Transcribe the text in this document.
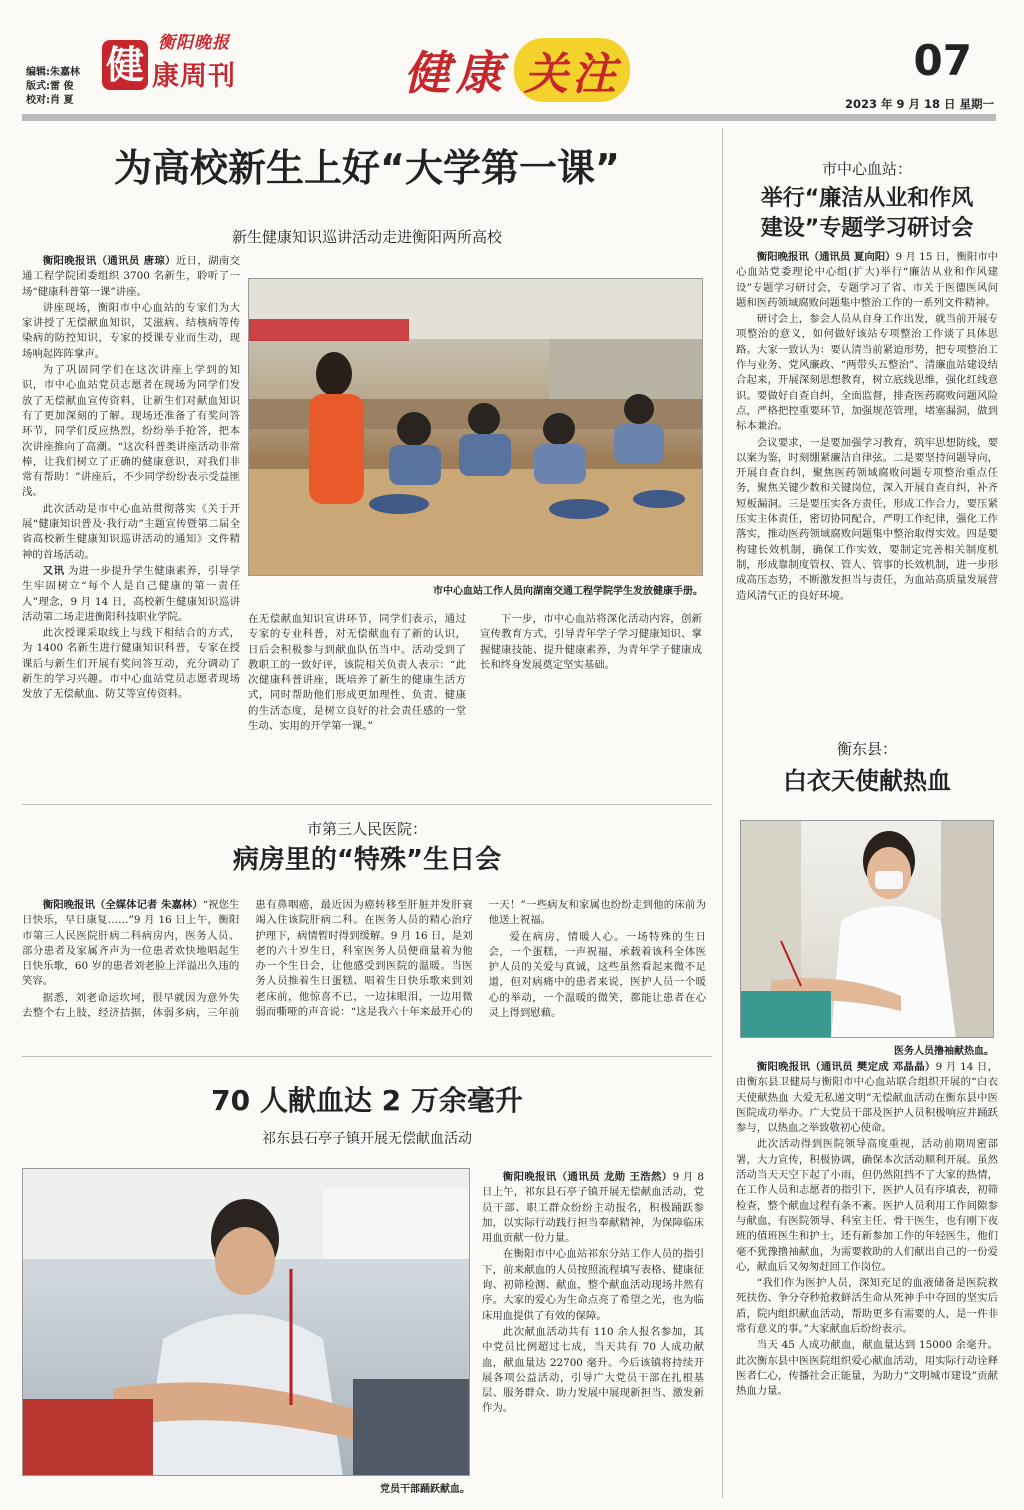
编辑:朱嘉林
版式:雷 俊
校对:肖 夏
衡阳晚报
健 康周刊	健康 关注	07
2023 年 9 月 18 日 星期一
为高校新生上好“大学第一课”
新生健康知识巡讲活动走进衡阳两所高校

衡阳晚报讯（通讯员 唐琼）近日，湖南交通工程学院团委组织 3700 名新生，聆听了一场“健康科普第一课”讲座。

讲座现场，衡阳市中心血站的专家们为大家讲授了无偿献血知识，艾滋病、结核病等传染病的防控知识，专家的授课专业而生动，现场响起阵阵掌声。

为了巩固同学们在这次讲座上学到的知识，市中心血站党员志愿者在现场为同学们发放了无偿献血宣传资料，让新生们对献血知识有了更加深刻的了解。现场还准备了有奖问答环节，同学们反应热烈，纷纷举手抢答，把本次讲座推向了高潮。“这次科普类讲座活动非常棒，让我们树立了正确的健康意识，对我们非常有帮助！”讲座后，不少同学纷纷表示受益匪浅。

此次活动是市中心血站贯彻落实《关于开展“健康知识普及·我行动”主题宣传暨第二届全省高校新生健康知识巡讲活动的通知》文件精神的首场活动。

又讯 为进一步提升学生健康素养，引导学生牢固树立“每个人是自己健康的第一责任人”理念，9 月 14 日，高校新生健康知识巡讲活动第二场走进衡阳科技职业学院。

此次授课采取线上与线下相结合的方式，为 1400 名新生进行健康知识科普，专家在授课后与新生们开展有奖问答互动，充分调动了新生的学习兴趣。市中心血站党员志愿者现场发放了无偿献血、防艾等宣传资料。

市中心血站工作人员向湖南交通工程学院学生发放健康手册。

在无偿献血知识宣讲环节，同学们表示，通过专家的专业科普，对无偿献血有了新的认识，日后会积极参与到献血队伍当中。活动受到了教职工的一致好评，该院相关负责人表示：“此次健康科普讲座，既培养了新生的健康生活方式，同时帮助他们形成更加理性、负责、健康的生活态度，是树立良好的社会责任感的一堂生动、实用的开学第一课。”

下一步，市中心血站将深化活动内容，创新宣传教育方式，引导青年学子学习健康知识、掌握健康技能、提升健康素养，为青年学子健康成长和终身发展奠定坚实基础。

市第三人民医院：
病房里的“特殊”生日会

衡阳晚报讯（全媒体记者 朱嘉林）“祝您生日快乐，早日康复……”9 月 16 日上午，衡阳市第三人民医院肝病二科病房内，医务人员、部分患者及家属齐声为一位患者欢快地唱起生日快乐歌，60 岁的患者刘老脸上洋溢出久违的笑容。

据悉，刘老命运坎坷，很早就因为意外失去整个右上肢，经济拮据，体弱多病，三年前患有鼻咽癌，最近因为癌转移至肝脏并发肝衰竭入住该院肝病二科。在医务人员的精心治疗护理下，病情暂时得到缓解。9 月 16 日，是刘老的六十岁生日，科室医务人员便商量着为他办一个生日会，让他感受到医院的温暖。当医务人员推着生日蛋糕、唱着生日快乐歌来到刘老床前，他惊喜不已，一边抹眼泪，一边用微弱而嘶哑的声音说：“这是我六十年来最开心的一天！”一些病友和家属也纷纷走到他的床前为他送上祝福。

爱在病房，情暖人心。一场特殊的生日会，一个蛋糕，一声祝福，承载着该科全体医护人员的关爱与真诚，这些虽然看起来微不足道，但对病痛中的患者来说，医护人员一个暖心的举动，一个温暖的微笑，都能让患者在心灵上得到慰藉。

70 人献血达 2 万余毫升
祁东县石亭子镇开展无偿献血活动
党员干部踊跃献血。

衡阳晚报讯（通讯员 龙勋 王浩然）9 月 8 日上午，祁东县石亭子镇开展无偿献血活动，党员干部、职工群众纷纷主动报名，积极踊跃参加，以实际行动践行担当奉献精神，为保障临床用血贡献一份力量。

在衡阳市中心血站祁东分站工作人员的指引下，前来献血的人员按照流程填写表格、健康征询、初筛检测、献血，整个献血活动现场井然有序。大家的爱心为生命点亮了希望之光，也为临床用血提供了有效的保障。

此次献血活动共有 110 余人报名参加，其中党员比例超过七成，当天共有 70 人成功献血，献血量达 22700 毫升。今后该镇将持续开展各项公益活动，引导广大党员干部在扎根基层、服务群众、助力发展中展现新担当、激发新作为。

市中心血站：
举行“廉洁从业和作风
建设”专题学习研讨会

衡阳晚报讯（通讯员 夏向阳）9 月 15 日，衡阳市中心血站党委理论中心组(扩大)举行“廉洁从业和作风建设”专题学习研讨会，专题学习了省、市关于医德医风问题和医药领域腐败问题集中整治工作的一系列文件精神。

研讨会上，参会人员从自身工作出发，就当前开展专项整治的意义，如何做好该站专项整治工作谈了具体思路。大家一致认为：要认清当前紧迫形势，把专项整治工作与业务、党风廉政、“两带头五整治”、清廉血站建设结合起来，开展深刻思想教育，树立底线思维，强化红线意识。要做好自查自纠，全面监督，排查医药腐败问题风险点，严格把控重要环节，加强规范管理，堵塞漏洞，做到标本兼治。

会议要求，一是要加强学习教育，筑牢思想防线，要以案为鉴，时刻绷紧廉洁自律弦。二是要坚持问题导向，开展自查自纠，聚焦医药领域腐败问题专项整治重点任务，聚焦关键少数和关键岗位，深入开展自查自纠，补齐短板漏洞。三是要压实各方责任，形成工作合力，要压紧压实主体责任，密切协同配合，严明工作纪律，强化工作落实，推动医药领域腐败问题集中整治取得实效。四是要构建长效机制，确保工作实效，要制定完善相关制度机制，形成靠制度管权、管人、管事的长效机制，进一步形成高压态势，不断激发担当与责任，为血站高质量发展营造风清气正的良好环境。

衡东县：
白衣天使献热血
医务人员撸袖献热血。

衡阳晚报讯（通讯员 樊定成 邓晶晶）9 月 14 日，由衡东县卫健局与衡阳市中心血站联合组织开展的“白衣天使献热血 大爱无私递文明”无偿献血活动在衡东县中医医院成功举办。广大党员干部及医护人员积极响应并踊跃参与，以热血之举致敬初心使命。

此次活动得到医院领导高度重视，活动前期周密部署，大力宣传，积极协调，确保本次活动顺利开展。虽然活动当天天空下起了小雨，但仍然阻挡不了大家的热情，在工作人员和志愿者的指引下，医护人员有序填表，初筛检查，整个献血过程有条不紊。医护人员利用工作间隙参与献血，有医院领导、科室主任、骨干医生，也有刚下夜班的值班医生和护士，还有新参加工作的年轻医生，他们毫不犹豫撸袖献血，为需要救助的人们献出自己的一份爱心，献血后又匆匆赶回工作岗位。

“我们作为医护人员，深知充足的血液储备是医院救死扶伤、争分夺秒抢救鲜活生命从死神手中夺回的坚实后盾，院内组织献血活动，帮助更多有需要的人，是一件非常有意义的事。”大家献血后纷纷表示。

当天 45 人成功献血，献血量达到 15000 余毫升。此次衡东县中医医院组织爱心献血活动，用实际行动诠释医者仁心，传播社会正能量，为助力“文明城市建设”贡献热血力量。
